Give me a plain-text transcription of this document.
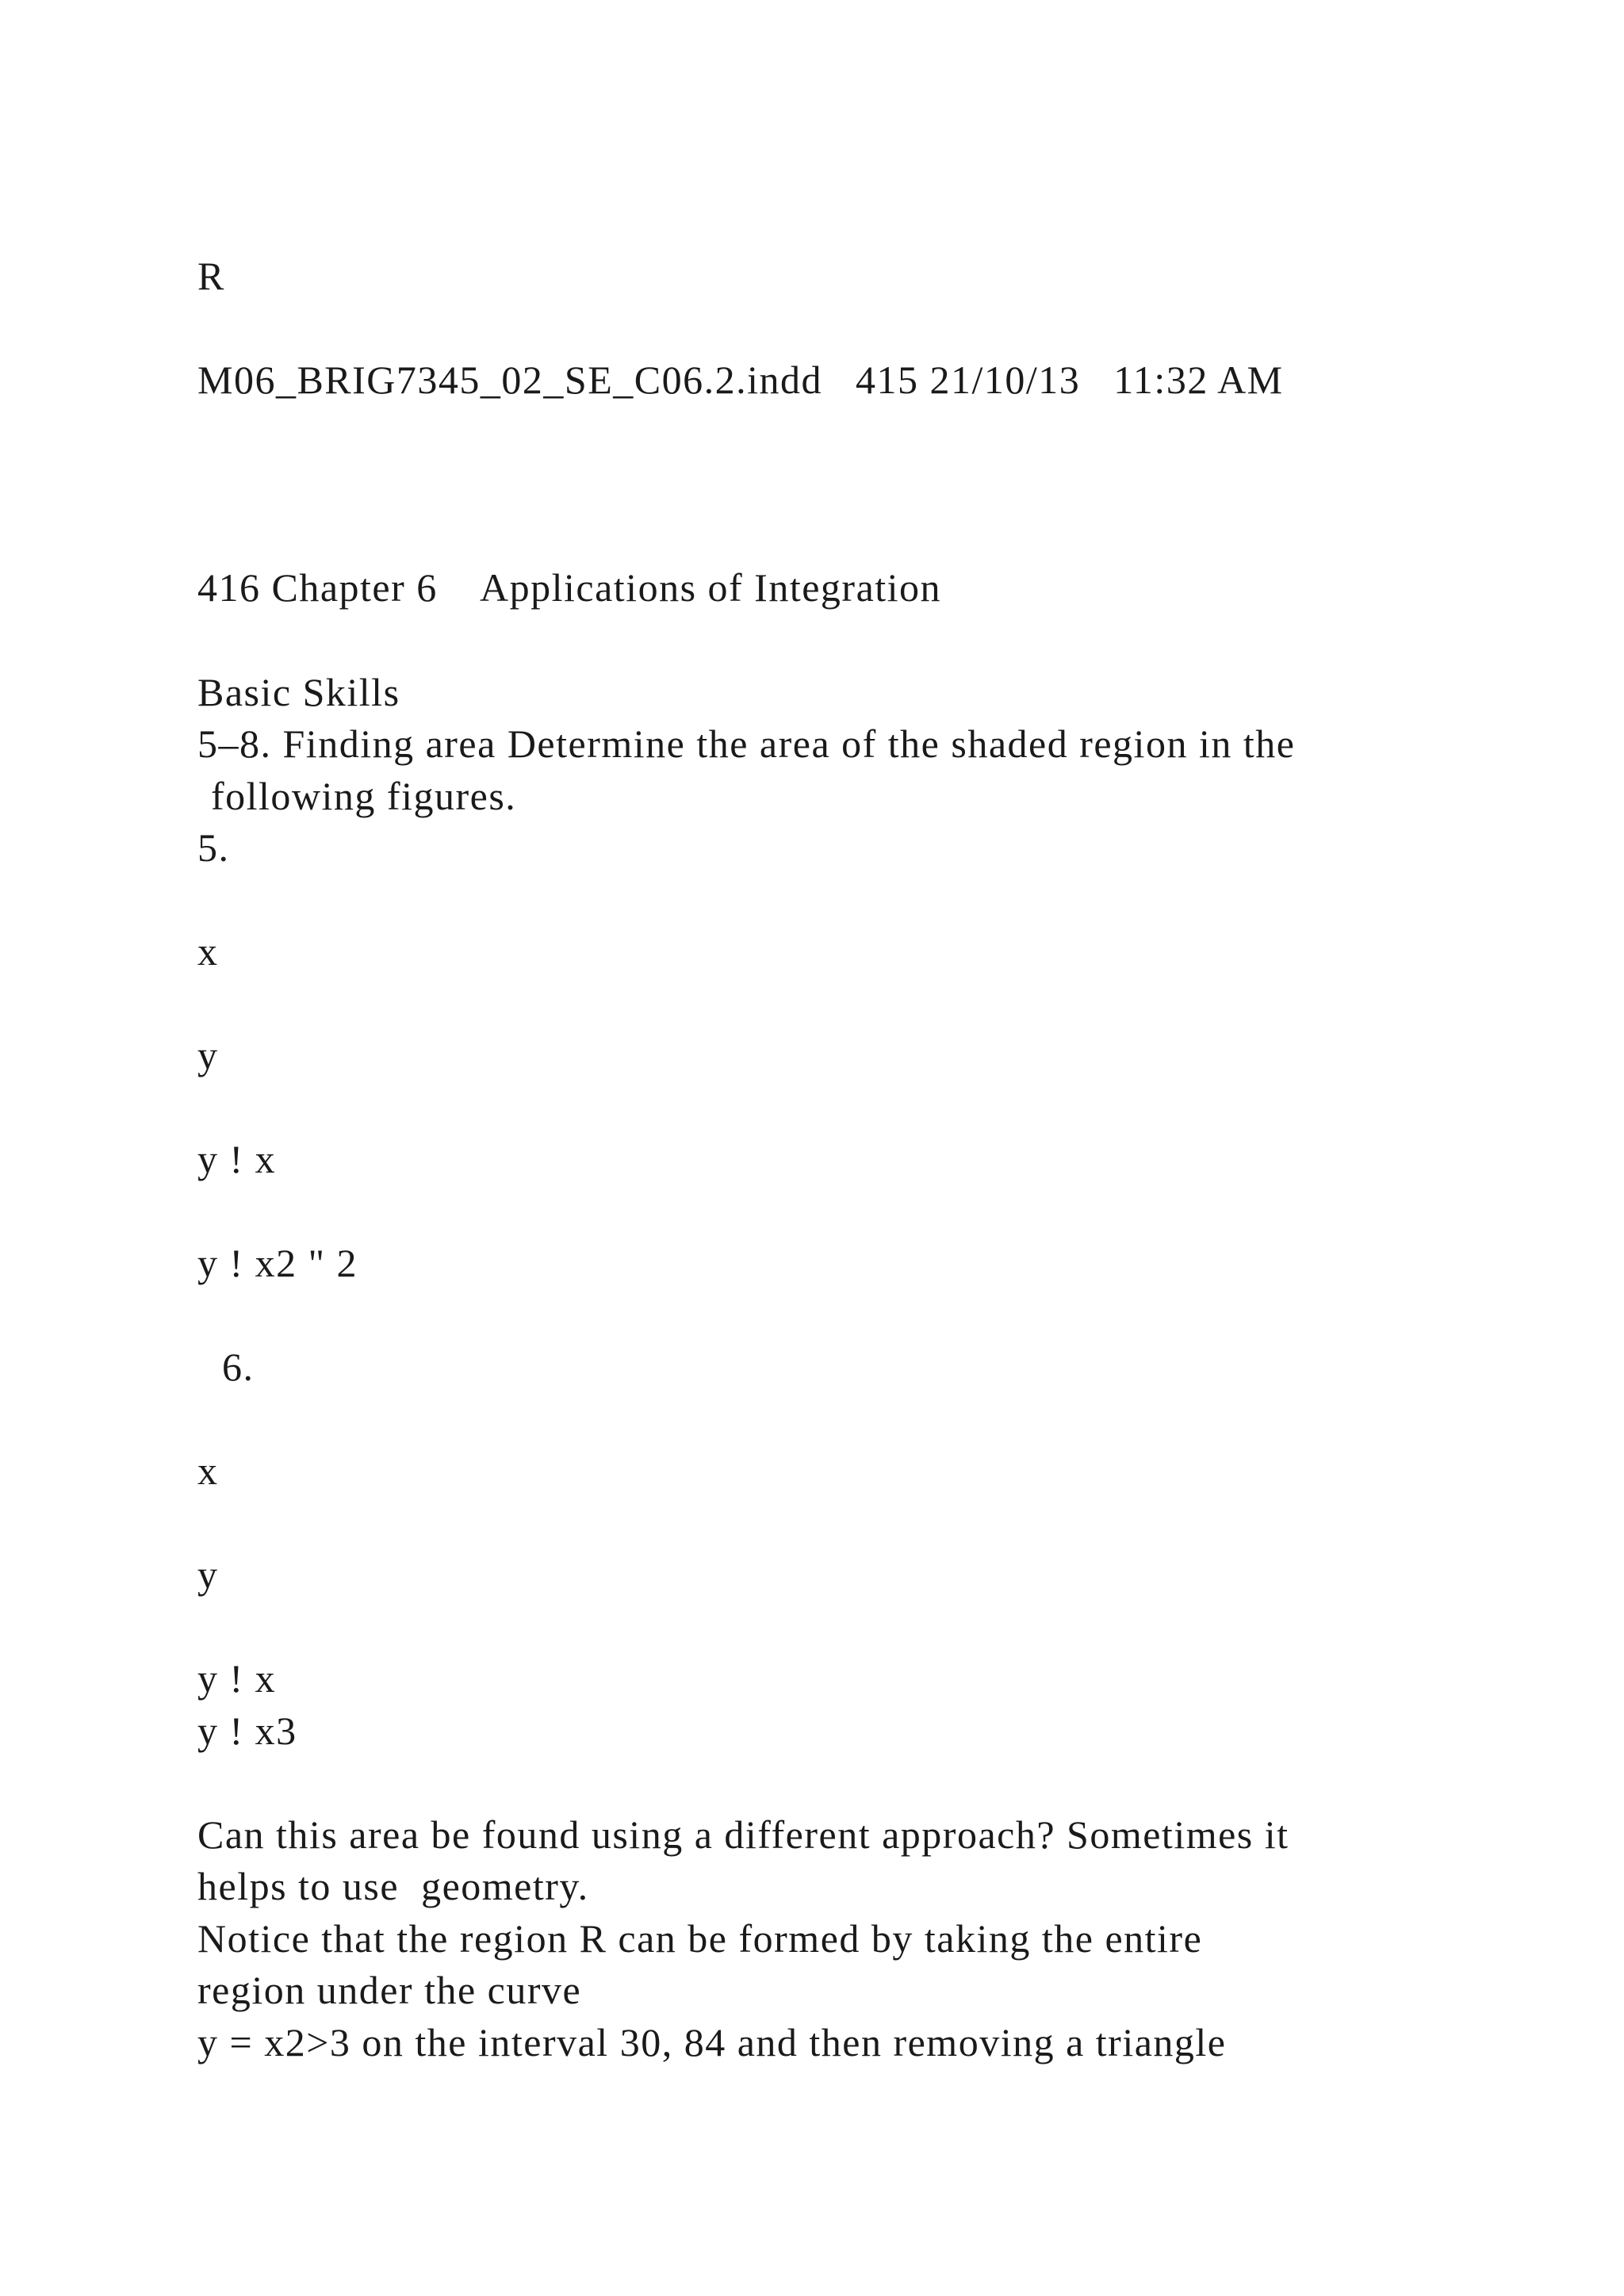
R
M06_BRIG7345_02_SE_C06.2.indd   415 21/10/13   11:32 AM
416 Chapter 6    Applications of Integration
Basic Skills
5–8. Finding area Determine the area of the shaded region in the
following figures.
5.
x
y
y ! x
y ! x2 " 2
6.
x
y
y ! x
y ! x3
Can this area be found using a different approach? Sometimes it
helps to use  geometry.
Notice that the region R can be formed by taking the entire
region under the curve
y = x2>3 on the interval 30, 84 and then removing a triangle
